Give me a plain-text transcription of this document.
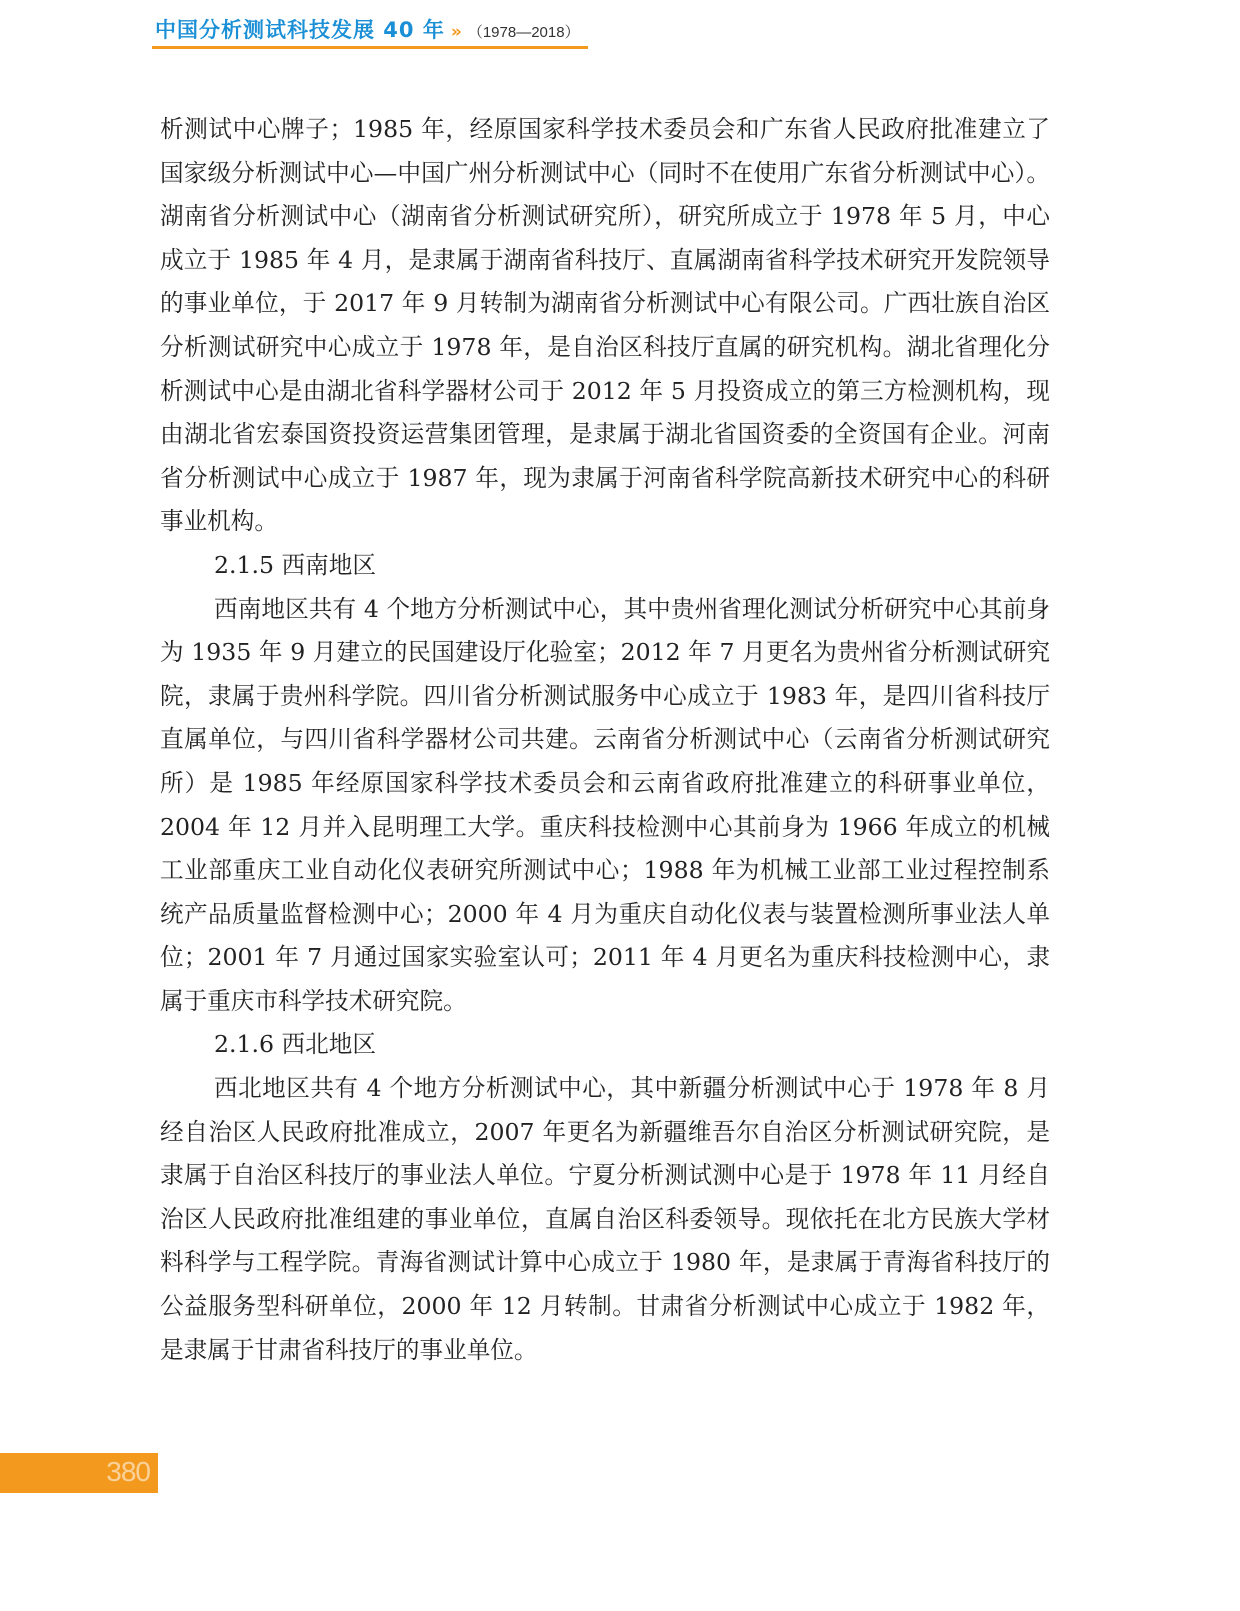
中国分析测试科技发展 40 年 » （1978—2018）

析测试中心牌子；1985 年，经原国家科学技术委员会和广东省人民政府批准建立了国家级分析测试中心—中国广州分析测试中心（同时不在使用广东省分析测试中心）。湖南省分析测试中心（湖南省分析测试研究所），研究所成立于 1978 年 5 月，中心成立于 1985 年 4 月，是隶属于湖南省科技厅、直属湖南省科学技术研究开发院领导的事业单位，于 2017 年 9 月转制为湖南省分析测试中心有限公司。广西壮族自治区分析测试研究中心成立于 1978 年，是自治区科技厅直属的研究机构。湖北省理化分析测试中心是由湖北省科学器材公司于 2012 年 5 月投资成立的第三方检测机构，现由湖北省宏泰国资投资运营集团管理，是隶属于湖北省国资委的全资国有企业。河南省分析测试中心成立于 1987 年，现为隶属于河南省科学院高新技术研究中心的科研事业机构。

2.1.5 西南地区

西南地区共有 4 个地方分析测试中心，其中贵州省理化测试分析研究中心其前身为 1935 年 9 月建立的民国建设厅化验室；2012 年 7 月更名为贵州省分析测试研究院，隶属于贵州科学院。四川省分析测试服务中心成立于 1983 年，是四川省科技厅直属单位，与四川省科学器材公司共建。云南省分析测试中心（云南省分析测试研究所）是 1985 年经原国家科学技术委员会和云南省政府批准建立的科研事业单位，2004 年 12 月并入昆明理工大学。重庆科技检测中心其前身为 1966 年成立的机械工业部重庆工业自动化仪表研究所测试中心；1988 年为机械工业部工业过程控制系统产品质量监督检测中心；2000 年 4 月为重庆自动化仪表与装置检测所事业法人单位；2001 年 7 月通过国家实验室认可；2011 年 4 月更名为重庆科技检测中心，隶属于重庆市科学技术研究院。

2.1.6 西北地区

西北地区共有 4 个地方分析测试中心，其中新疆分析测试中心于 1978 年 8 月经自治区人民政府批准成立，2007 年更名为新疆维吾尔自治区分析测试研究院，是隶属于自治区科技厅的事业法人单位。宁夏分析测试测中心是于 1978 年 11 月经自治区人民政府批准组建的事业单位，直属自治区科委领导。现依托在北方民族大学材料科学与工程学院。青海省测试计算中心成立于 1980 年，是隶属于青海省科技厅的公益服务型科研单位，2000 年 12 月转制。甘肃省分析测试中心成立于 1982 年，是隶属于甘肃省科技厅的事业单位。

380
